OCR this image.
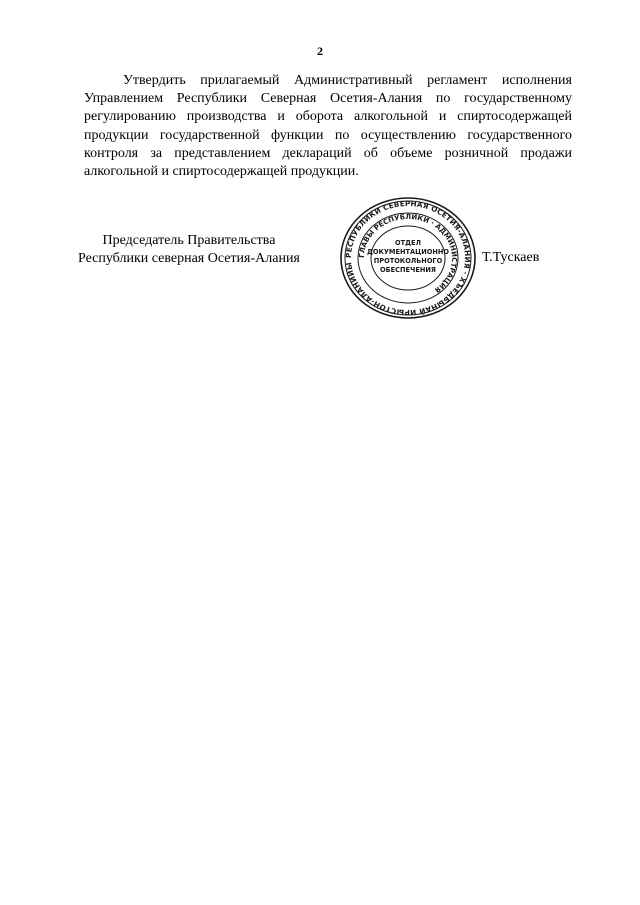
2

Утвердить прилагаемый Административный регламент исполнения Управлением Республики Северная Осетия-Алания по государственному регулированию производства и оборота алкогольной и спиртосодержащей продукции государственной функции по осуществлению государственного контроля за представлением деклараций об объеме розничной продажи алкогольной и спиртосодержащей продукции.

Председатель Правительства
Республики северная Осетия-Алания	РЕСПУБЛИКИ СЕВЕРНАЯ ОСЕТИЯ-АЛАНИЯ · ХЪЕДБЫНАЙ ИРЫСТОН-АЛАНИЙЫ
ГЛАВЫ РЕСПУБЛИКИ · АДМИНИСТРАЦИЯ
ОТДЕЛ
ДОКУМЕНТАЦИОННО
ПРОТОКОЛЬНОГО
ОБЕСПЕЧЕНИЯ
Т.Тускаев
